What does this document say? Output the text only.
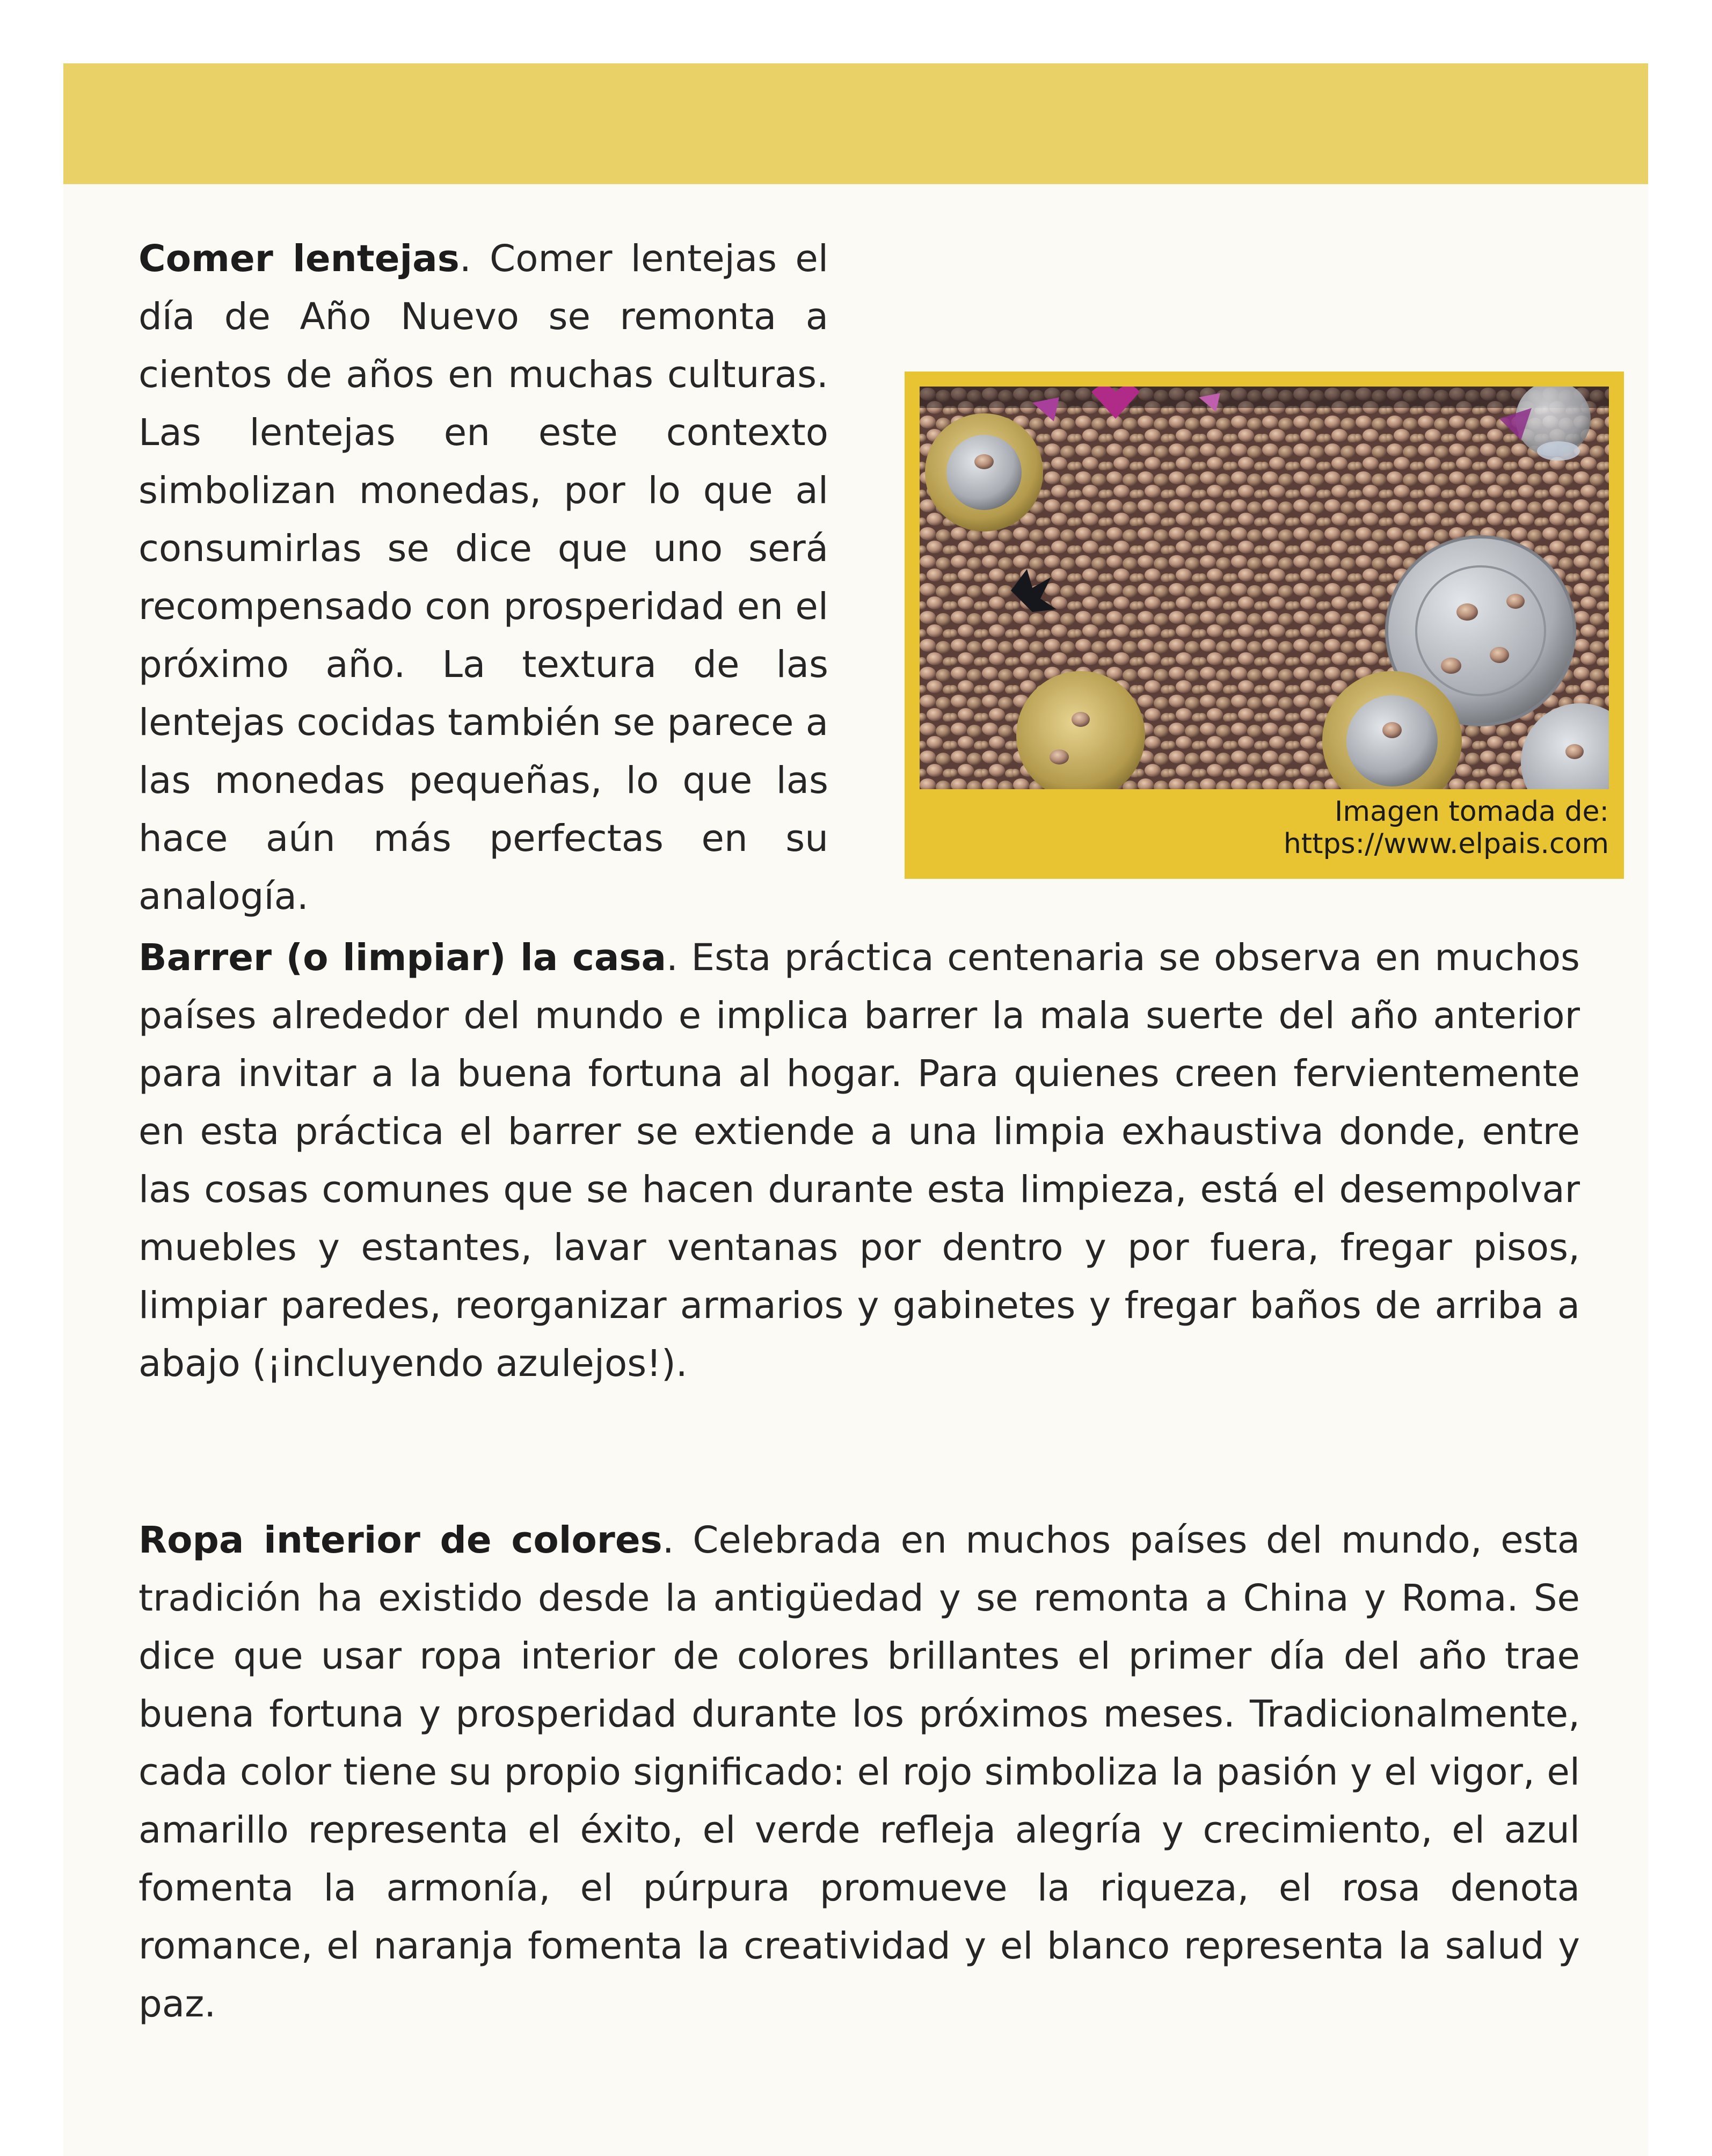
Comer lentejas. Comer lentejas el día de Año Nuevo se remonta a cientos de años en muchas culturas. Las lentejas en este contexto simbolizan monedas, por lo que al consumirlas se dice que uno será recompensado con prosperidad en el próximo año. La textura de las lentejas cocidas también se parece a las monedas pequeñas, lo que las hace aún más perfectas en su analogía.

Imagen tomada de:
https://www.elpais.com

Barrer (o limpiar) la casa. Esta práctica centenaria se observa en muchos países alrededor del mundo e implica barrer la mala suerte del año anterior para invitar a la buena fortuna al hogar. Para quienes creen fervientemente en esta práctica el barrer se extiende a una limpia exhaustiva donde, entre las cosas comunes que se hacen durante esta limpieza, está el desempolvar muebles y estantes, lavar ventanas por dentro y por fuera, fregar pisos, limpiar paredes, reorganizar armarios y gabinetes y fregar baños de arriba a abajo (¡incluyendo azulejos!).

Ropa interior de colores. Celebrada en muchos países del mundo, esta tradición ha existido desde la antigüedad y se remonta a China y Roma. Se dice que usar ropa interior de colores brillantes el primer día del año trae buena fortuna y prosperidad durante los próximos meses. Tradicionalmente, cada color tiene su propio significado: el rojo simboliza la pasión y el vigor, el amarillo representa el éxito, el verde refleja alegría y crecimiento, el azul fomenta la armonía, el púrpura promueve la riqueza, el rosa denota romance, el naranja fomenta la creatividad y el blanco representa la salud y paz.
